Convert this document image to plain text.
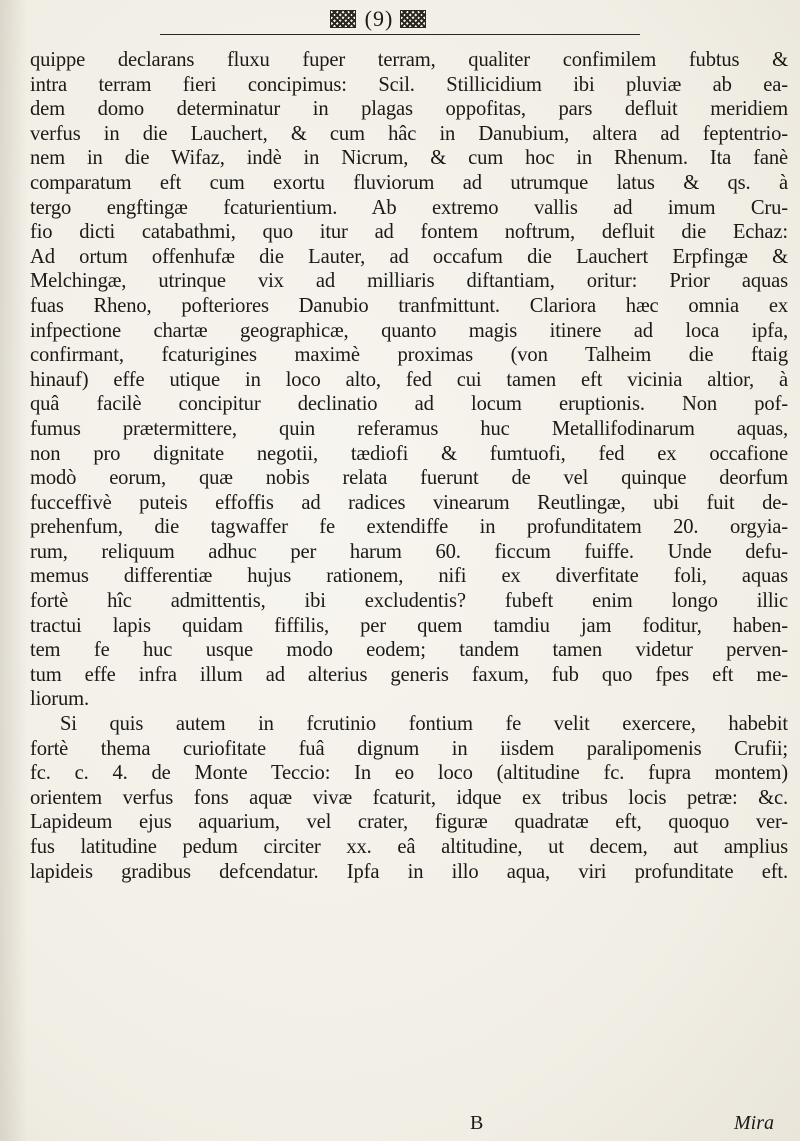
(9)
quippe declarans fluxu fuper terram, qualiter confimilem fubtus &
intra terram fieri concipimus: Scil. Stillicidium ibi pluviæ ab ea-
dem domo determinatur in plagas oppofitas, pars defluit meridiem
verfus in die Lauchert, & cum hâc in Danubium, altera ad feptentrio-
nem in die Wifaz, indè in Nicrum, & cum hoc in Rhenum. Ita fanè
comparatum eft cum exortu fluviorum ad utrumque latus & qs. à
tergo engftingæ fcaturientium. Ab extremo vallis ad imum Cru-
fio dicti catabathmi, quo itur ad fontem noftrum, defluit die Echaz:
Ad ortum offenhufæ die Lauter, ad occafum die Lauchert Erpfingæ &
Melchingæ, utrinque vix ad milliaris diftantiam, oritur: Prior aquas
fuas Rheno, pofteriores Danubio tranfmittunt. Clariora hæc omnia ex
infpectione chartæ geographicæ, quanto magis itinere ad loca ipfa,
confirmant, fcaturigines maximè proximas (von Talheim die ftaig
hinauf) effe utique in loco alto, fed cui tamen eft vicinia altior, à
quâ facilè concipitur declinatio ad locum eruptionis. Non pof-
fumus prætermittere, quin referamus huc Metallifodinarum aquas,
non pro dignitate negotii, tædiofi & fumtuofi, fed ex occafione
modò eorum, quæ nobis relata fuerunt de vel quinque deorfum
fucceffivè puteis effoffis ad radices vinearum Reutlingæ, ubi fuit de-
prehenfum, die tagwaffer fe extendiffe in profunditatem 20. orgyia-
rum, reliquum adhuc per harum 60. ficcum fuiffe. Unde defu-
memus differentiæ hujus rationem, nifi ex diverfitate foli, aquas
fortè hîc admittentis, ibi excludentis? fubeft enim longo illic
tractui lapis quidam fiffilis, per quem tamdiu jam foditur, haben-
tem fe huc usque modo eodem; tandem tamen videtur perven-
tum effe infra illum ad alterius generis faxum, fub quo fpes eft me-
liorum.
Si quis autem in fcrutinio fontium fe velit exercere, habebit
fortè thema curiofitate fuâ dignum in iisdem paralipomenis Crufii;
fc. c. 4. de Monte Teccio: In eo loco (altitudine fc. fupra montem)
orientem verfus fons aquæ vivæ fcaturit, idque ex tribus locis petræ: &c.
Lapideum ejus aquarium, vel crater, figuræ quadratæ eft, quoquo ver-
fus latitudine pedum circiter xx. eâ altitudine, ut decem, aut amplius
lapideis gradibus defcendatur. Ipfa in illo aqua, viri profunditate eft.
B	Mira
